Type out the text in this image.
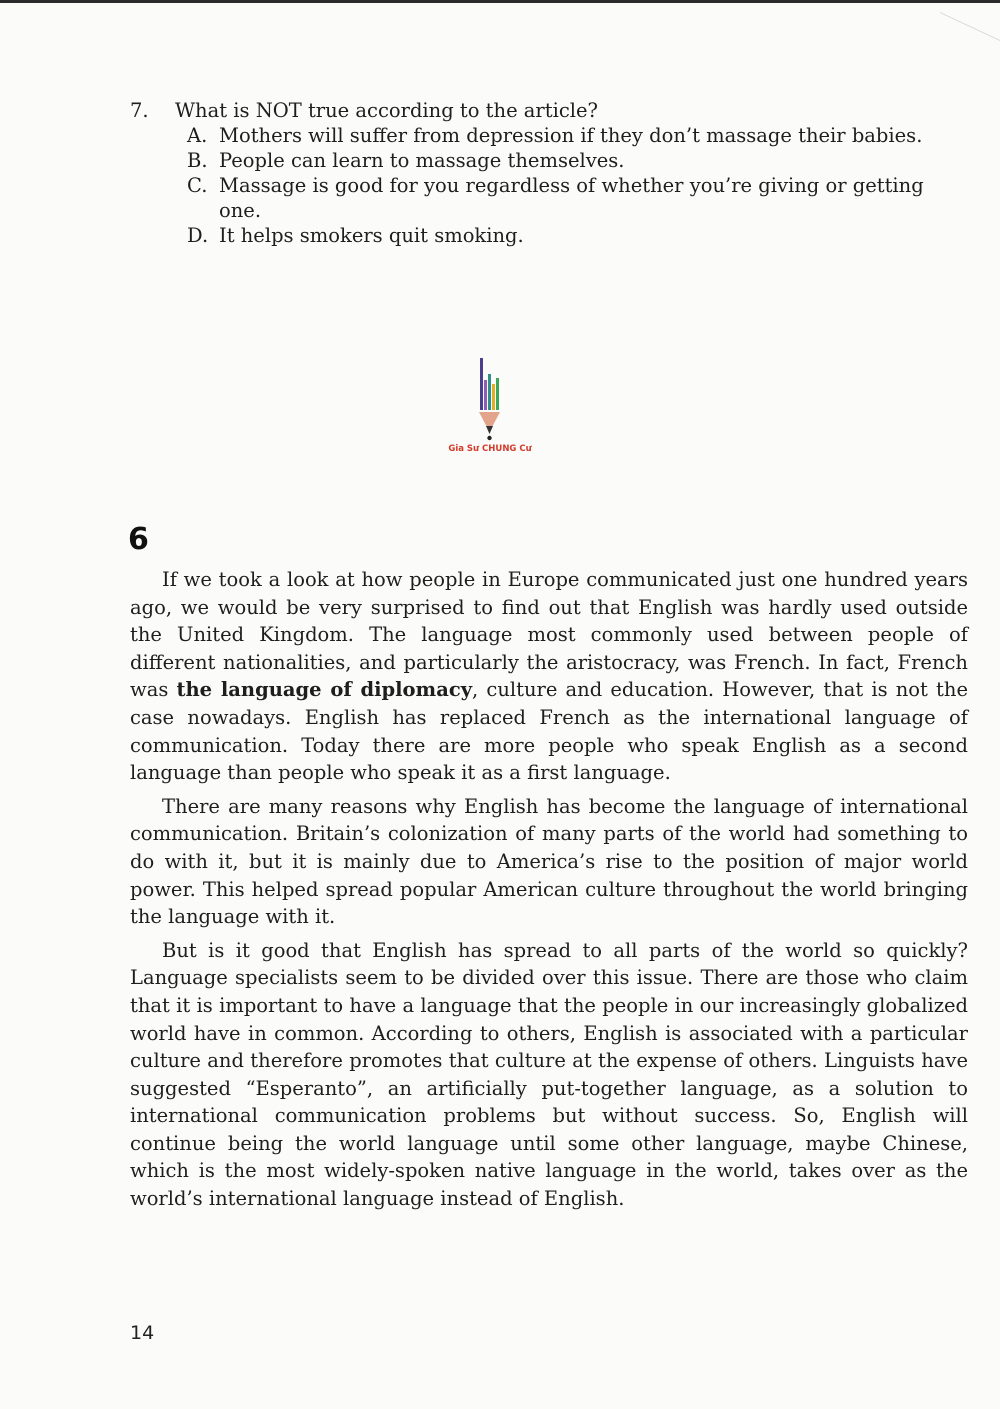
7.	What is NOT true according to the article?
A. Mothers will suffer from depression if they don’t massage their babies.
B. People can learn to massage themselves.
C. Massage is good for you regardless of whether you’re giving or getting one.
D. It helps smokers quit smoking.
Gia Sư CHUNG Cư
6

If we took a look at how people in Europe communicated just one hundred years ago, we would be very surprised to find out that English was hardly used outside the United Kingdom. The language most commonly used between people of different nationalities, and particularly the aristocracy, was French. In fact, French was the language of diplomacy, culture and education. However, that is not the case nowadays. English has replaced French as the international language of communication. Today there are more people who speak English as a second language than people who speak it as a first language.

There are many reasons why English has become the language of international communication. Britain’s colonization of many parts of the world had something to do with it, but it is mainly due to America’s rise to the position of major world power. This helped spread popular American culture throughout the world bringing the language with it.

But is it good that English has spread to all parts of the world so quickly? Language specialists seem to be divided over this issue. There are those who claim that it is important to have a language that the people in our increasingly globalized world have in common. According to others, English is associated with a particular culture and therefore promotes that culture at the expense of others. Linguists have suggested “Esperanto”, an artificially put-together language, as a solution to international communication problems but without success. So, English will continue being the world language until some other language, maybe Chinese, which is the most widely-spoken native language in the world, takes over as the world’s international language instead of English.

14
